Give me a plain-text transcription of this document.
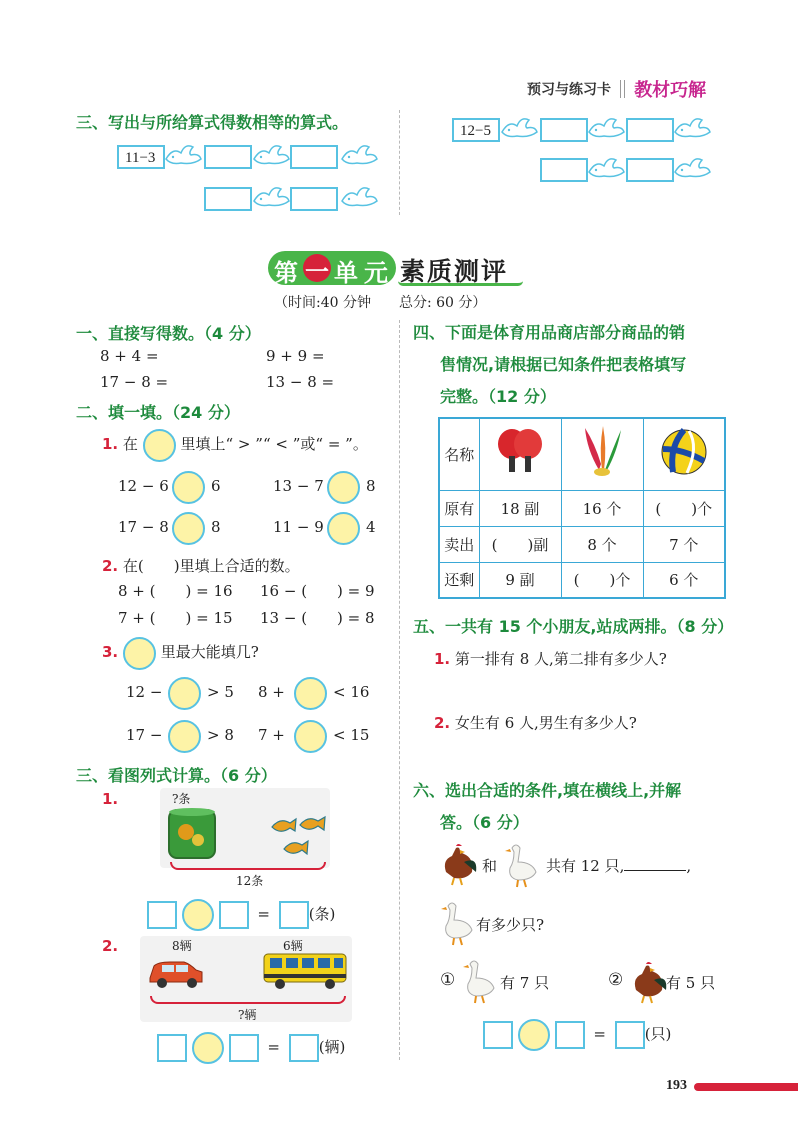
预习与练习卡 教材巧解
三、写出与所给算式得数相等的算式。
11−3
12−5
第 一 单 元 素质测评
（时间:40 分钟　　总分: 60 分）
一、直接写得数。（4 分）
8 + 4 =	9 + 9 =
17 − 8 =	13 − 8 =
二、填一填。（24 分）
1. 在	里填上“ > ”“ < ”或“ = ”。
12 − 6	6	13 − 7	8
17 − 8	8	11 − 9	4
2. 在(　　)里填上合适的数。
8 + (　　) = 16 16 − (　　) = 9
7 + (　　) = 15 13 − (　　) = 8
3.	里最大能填几?
12 −	> 5 8 +	< 16
17 −	> 8 7 +	< 15
三、看图列式计算。（6 分）
1.	?条
12条
=	(条)
2.	8辆	6辆
?辆
=	(辆)
四、下面是体育用品商店部分商品的销
售情况,请根据已知条件把表格填写
完整。（12 分）
名称			
原有	18 副	16 个	(　　)个
卖出	(　　)副	8 个	7 个
还剩	9 副	(　　)个	6 个
五、一共有 15 个小朋友,站成两排。（8 分）
1. 第一排有 8 人,第二排有多少人?
2. 女生有 6 人,男生有多少人?
六、选出合适的条件,填在横线上,并解
答。（6 分）
和	共有 12 只,	,
有多少只?
①	有 7 只	②	有 5 只
=	(只)
193
